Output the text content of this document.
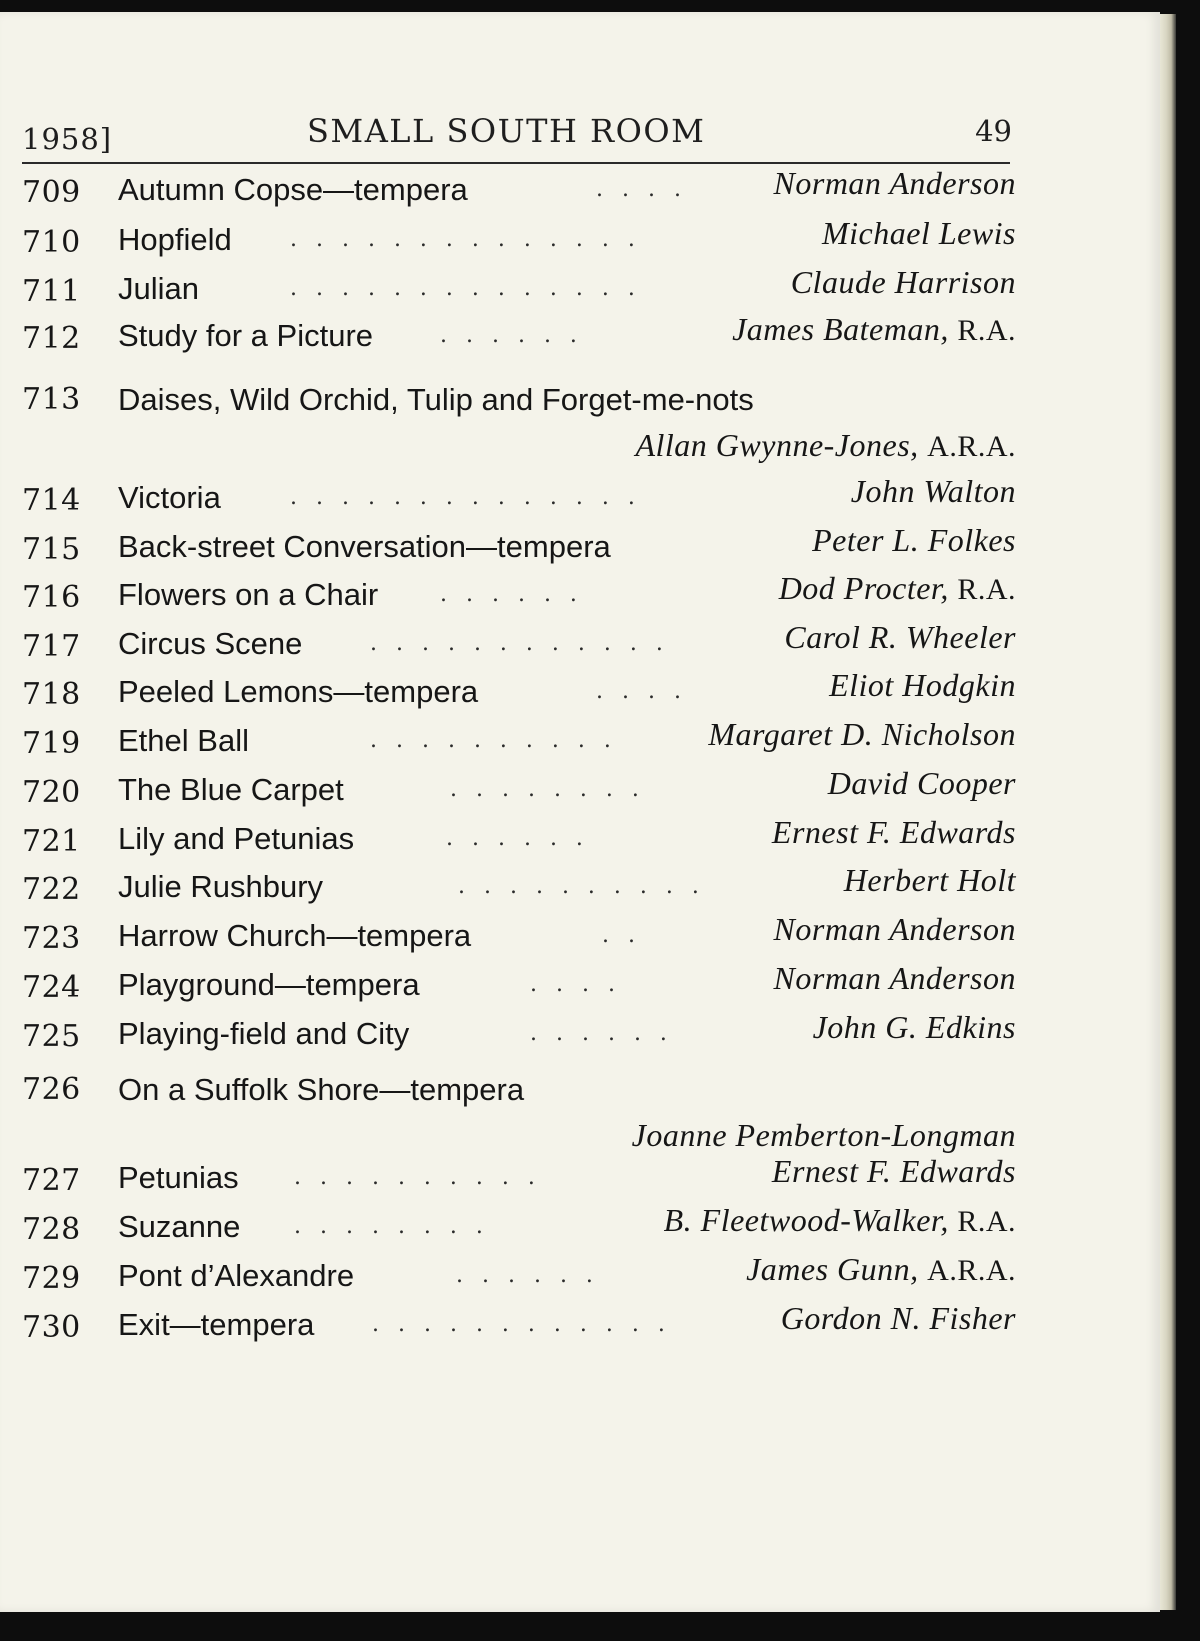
1958]	SMALL SOUTH ROOM	49
709 Autumn Copse—tempera	. . . .	Norman Anderson
710 Hopfield	. . . . . . . . . . . . . .	Michael Lewis
711 Julian	. . . . . . . . . . . . . .	Claude Harrison
712 Study for a Picture	. . . . . .	James Bateman, R.A.
713 Daises, Wild Orchid, Tulip and Forget-me-nots
Allan Gwynne-Jones, A.R.A.
714 Victoria	. . . . . . . . . . . . . .	John Walton
715 Back-street Conversation—tempera	Peter L. Folkes
716 Flowers on a Chair	. . . . . .	Dod Procter, R.A.
717 Circus Scene	. . . . . . . . . . . .	Carol R. Wheeler
718 Peeled Lemons—tempera	. . . .	Eliot Hodgkin
719 Ethel Ball	. . . . . . . . . .	Margaret D. Nicholson
720 The Blue Carpet	. . . . . . . .	David Cooper
721 Lily and Petunias	. . . . . .	Ernest F. Edwards
722 Julie Rushbury	. . . . . . . . . .	Herbert Holt
723 Harrow Church—tempera	. .	Norman Anderson
724 Playground—tempera	. . . .	Norman Anderson
725 Playing-field and City	. . . . . .	John G. Edkins
726 On a Suffolk Shore—tempera
Joanne Pemberton-Longman
727 Petunias	. . . . . . . . . .	Ernest F. Edwards
728 Suzanne . . . . . . . .	B. Fleetwood-Walker, R.A.
729 Pont d’Alexandre	. . . . . .	James Gunn, A.R.A.
730 Exit—tempera	. . . . . . . . . . . .	Gordon N. Fisher
